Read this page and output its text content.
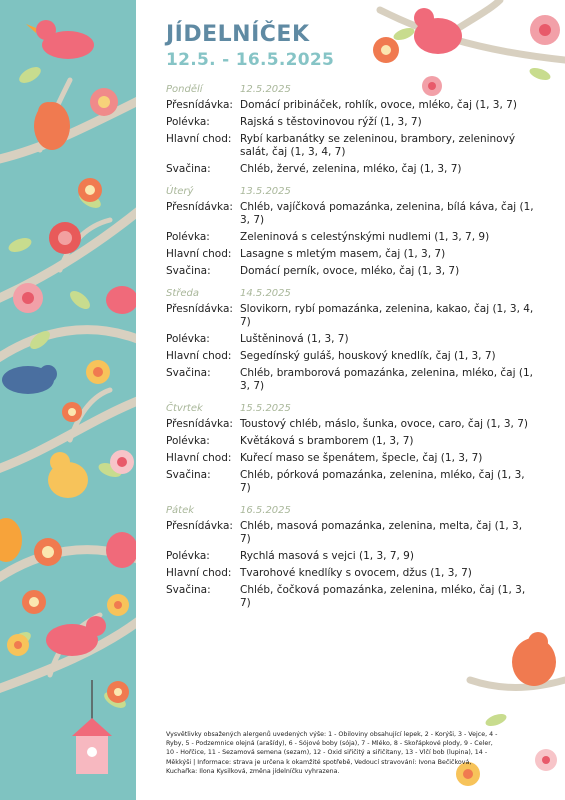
JÍDELNÍČEK
12.5. - 16.5.2025
Pondělí	12.5.2025
Přesnídávka: Domácí pribináček, rohlík, ovoce, mléko, čaj (1, 3, 7)
Polévka:	Rajská s těstovinovou rýží (1, 3, 7)
Hlavní chod: Rybí karbanátky se zeleninou, brambory, zeleninový salát, čaj (1, 3, 4, 7)
Svačina:	Chléb, žervé, zelenina, mléko, čaj (1, 3, 7)
Úterý	13.5.2025
Přesnídávka: Chléb, vajíčková pomazánka, zelenina, bílá káva, čaj (1, 3, 7)
Polévka:	Zeleninová s celestýnskými nudlemi (1, 3, 7, 9)
Hlavní chod: Lasagne s mletým masem, čaj (1, 3, 7)
Svačina:	Domácí perník, ovoce, mléko, čaj (1, 3, 7)
Středa	14.5.2025
Přesnídávka: Slovikorn, rybí pomazánka, zelenina, kakao, čaj (1, 3, 4, 7)
Polévka:	Luštěninová (1, 3, 7)
Hlavní chod: Segedínský guláš, houskový knedlík, čaj (1, 3, 7)
Svačina:	Chléb, bramborová pomazánka, zelenina, mléko, čaj (1, 3, 7)
Čtvrtek	15.5.2025
Přesnídávka: Toustový chléb, máslo, šunka, ovoce, caro, čaj (1, 3, 7)
Polévka:	Květáková s bramborem (1, 3, 7)
Hlavní chod: Kuřecí maso se špenátem, špecle, čaj (1, 3, 7)
Svačina:	Chléb, pórková pomazánka, zelenina, mléko, čaj (1, 3, 7)
Pátek	16.5.2025
Přesnídávka: Chléb, masová pomazánka, zelenina, melta, čaj (1, 3, 7)
Polévka:	Rychlá masová s vejci (1, 3, 7, 9)
Hlavní chod: Tvarohové knedlíky s ovocem, džus (1, 3, 7)
Svačina:	Chléb, čočková pomazánka, zelenina, mléko, čaj (1, 3, 7)
Vysvětlivky obsažených alergenů uvedených výše: 1 - Obiloviny obsahující lepek, 2 - Korýši, 3 - Vejce, 4 - Ryby, 5 - Podzemnice olejná (arašídy), 6 - Sójové boby (sója), 7 - Mléko, 8 - Skořápkové plody, 9 - Celer, 10 - Hořčice, 11 - Sezamová semena (sezam), 12 - Oxid siřičitý a siřičitany, 13 - Vlčí bob (lupina), 14 - Měkkýši | Informace: strava je určena k okamžité spotřebě, Vedoucí stravování: Ivona Bečičková, Kuchařka: Ilona Kysilková, změna jídelníčku vyhrazena.
